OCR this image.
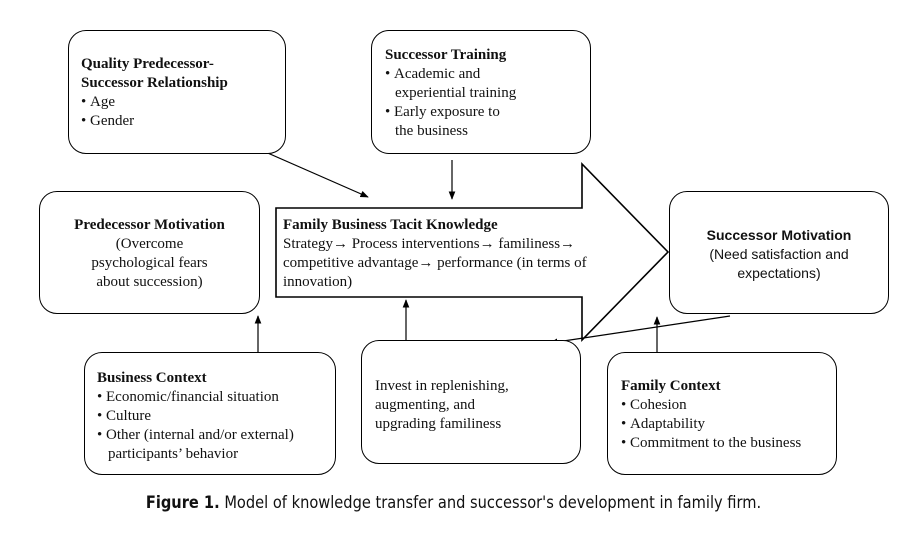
Quality Predecessor-
Successor Relationship
• Age
• Gender
Successor Training
• Academic and
experiential training
• Early exposure to
the business
Predecessor Motivation
(Overcome
psychological fears
about succession)
Family Business Tacit Knowledge
Strategy→ Process interventions→ familiness→
competitive advantage→ performance (in terms of
innovation)
Successor Motivation
(Need satisfaction and
expectations)
Business Context
• Economic/financial situation
• Culture
• Other (internal and/or external)
participants’ behavior
Invest in replenishing,
augmenting, and
upgrading familiness
Family Context
• Cohesion
• Adaptability
• Commitment to the business
Figure 1. Model of knowledge transfer and successor's development in family firm.
